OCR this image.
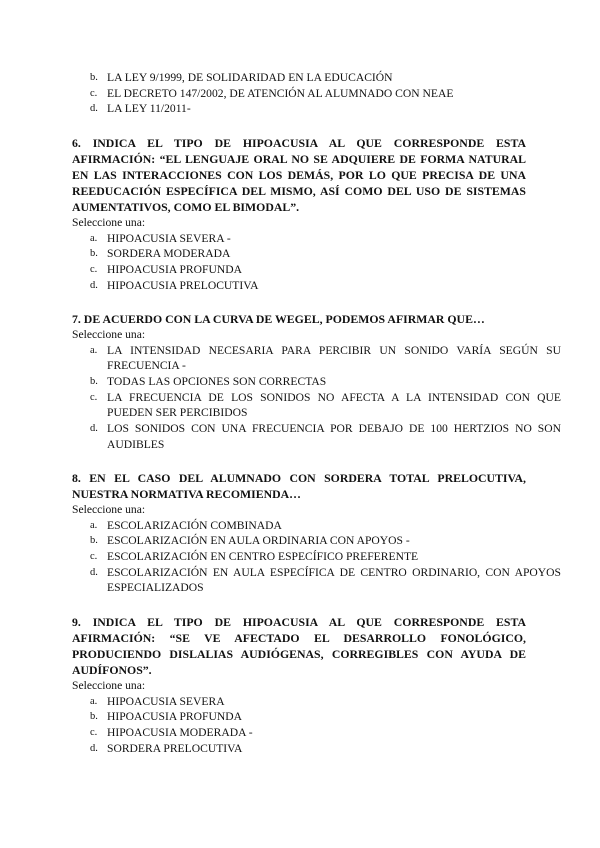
b. LA LEY 9/1999, DE SOLIDARIDAD EN LA EDUCACIÓN
c. EL DECRETO 147/2002, DE ATENCIÓN AL ALUMNADO CON NEAE
d. LA LEY 11/2011-

6. INDICA EL TIPO DE HIPOACUSIA AL QUE CORRESPONDE ESTA AFIRMACIÓN: “EL LENGUAJE ORAL NO SE ADQUIERE DE FORMA NATURAL EN LAS INTERACCIONES CON LOS DEMÁS, POR LO QUE PRECISA DE UNA REEDUCACIÓN ESPECÍFICA DEL MISMO, ASÍ COMO DEL USO DE SISTEMAS AUMENTATIVOS, COMO EL BIMODAL”.

Seleccione una:

a. HIPOACUSIA SEVERA -
b. SORDERA MODERADA
c. HIPOACUSIA PROFUNDA
d. HIPOACUSIA PRELOCUTIVA

7. DE ACUERDO CON LA CURVA DE WEGEL, PODEMOS AFIRMAR QUE…

Seleccione una:

a. LA INTENSIDAD NECESARIA PARA PERCIBIR UN SONIDO VARÍA SEGÚN SU FRECUENCIA -
b. TODAS LAS OPCIONES SON CORRECTAS
c. LA FRECUENCIA DE LOS SONIDOS NO AFECTA A LA INTENSIDAD CON QUE PUEDEN SER PERCIBIDOS
d. LOS SONIDOS CON UNA FRECUENCIA POR DEBAJO DE 100 HERTZIOS NO SON AUDIBLES

8. EN EL CASO DEL ALUMNADO CON SORDERA TOTAL PRELOCUTIVA, NUESTRA NORMATIVA RECOMIENDA…

Seleccione una:

a. ESCOLARIZACIÓN COMBINADA
b. ESCOLARIZACIÓN EN AULA ORDINARIA CON APOYOS -
c. ESCOLARIZACIÓN EN CENTRO ESPECÍFICO PREFERENTE
d. ESCOLARIZACIÓN EN AULA ESPECÍFICA DE CENTRO ORDINARIO, CON APOYOS ESPECIALIZADOS

9. INDICA EL TIPO DE HIPOACUSIA AL QUE CORRESPONDE ESTA AFIRMACIÓN: “SE VE AFECTADO EL DESARROLLO FONOLÓGICO, PRODUCIENDO DISLALIAS AUDIÓGENAS, CORREGIBLES CON AYUDA DE AUDÍFONOS”.

Seleccione una:

a. HIPOACUSIA SEVERA
b. HIPOACUSIA PROFUNDA
c. HIPOACUSIA MODERADA -
d. SORDERA PRELOCUTIVA
